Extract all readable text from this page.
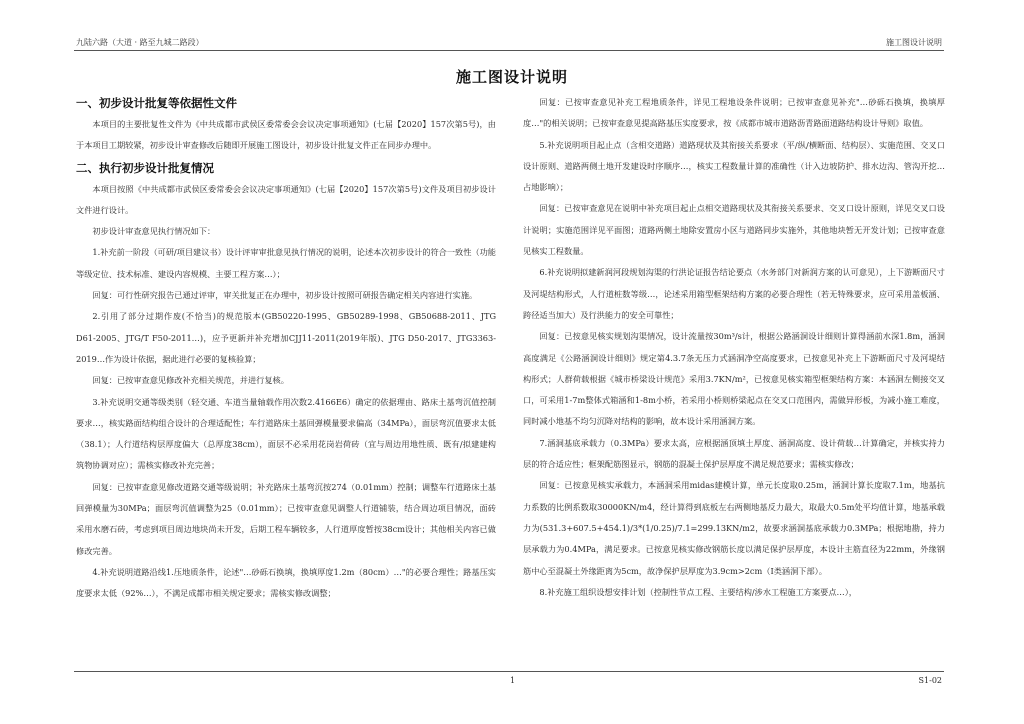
九陆六路（大道 · 路至九城二路段）	施工图设计说明
施工图设计说明
一、初步设计批复等依据性文件

本项目的主要批复性文件为《中共成都市武侯区委常委会会议决定事项通知》(七届【2020】157次第5号)，由于本项目工期较紧，初步设计审查修改后随即开展施工图设计，初步设计批复文件正在同步办理中。

二、执行初步设计批复情况

本项目按照《中共成都市武侯区委常委会会议决定事项通知》(七届【2020】157次第5号)文件及项目初步设计文件进行设计。

初步设计审查意见执行情况如下：

1.补充前一阶段（可研/项目建议书）设计评审审批意见执行情况的说明，论述本次初步设计的符合一致性（功能等级定位、技术标准、建设内容规模、主要工程方案…）；

回复：可行性研究报告已通过评审，审关批复正在办理中，初步设计按照可研报告确定相关内容进行实施。

2.引用了部分过期作废(不恰当)的规范版本(GB50220-1995、GB50289-1998、GB50688-2011、JTG D61-2005、JTG/T F50-2011…)，应予更新并补充增加CJJ11-2011(2019年版)、JTG D50-2017、JTG3363-2019…作为设计依据，据此进行必要的复核验算；

回复：已按审查意见修改补充相关规范，并进行复核。

3.补充说明交通等级类别（轻交通、车道当量轴载作用次数2.4166E6）确定的依据理由、路床土基弯沉值控制要求…，核实路面结构组合设计的合理适配性；车行道路床土基回弹模量要求偏高（34MPa），面层弯沉值要求太低（38.1）；人行道结构层厚度偏大（总厚度38cm），面层不必采用花岗岩荷砖（宜与周边用地性质、既有/拟建建构筑物协调对应）；需核实修改补充完善；

回复：已按审查意见修改道路交通等级说明；补充路床土基弯沉按274（0.01mm）控制；调整车行道路床土基回弹模量为30MPa；面层弯沉值调整为25（0.01mm）；已按审查意见调整人行道铺装，结合周边项目情况，面砖采用水磨石砖，考虑到项目周边地块尚未开发，后期工程车辆较多，人行道厚度暂按38cm设计；其他相关内容已做修改完善。

4.补充说明道路沿线1.压地质条件，论述"…砂砾石换填，换填厚度1.2m（80cm）…"的必要合理性；路基压实度要求太低（92%…），不满足成都市相关规定要求；需核实修改调整；

回复：已按审查意见补充工程地质条件，详见工程地设条件说明；已按审查意见补充"…砂砾石换填，换填厚度…"的相关说明；已按审查意见提高路基压实度要求，按《成都市城市道路沥青路面道路结构设计导则》取值。

5.补充说明项目起止点（含相交道路）道路现状及其衔接关系要求（平/纵/横断面、结构层）、实施范围、交叉口设计原则、道路两侧土地开发建设时序顺序…，核实工程数量计算的准确性（计入边坡防护、排水边沟、管沟开挖…占地影响）；

回复：已按审查意见在说明中补充项目起止点相交道路现状及其衔接关系要求、交叉口设计原则，详见交叉口设计说明；实施范围详见平面图；道路两侧土地除安置房小区与道路同步实施外，其他地块暂无开发计划；已按审查意见核实工程数量。

6.补充说明拟建新润河段规划沟渠的行洪论证报告结论要点（水务部门对新润方案的认可意见），上下游断面尺寸及河堤结构形式，人行道桩数等级…，论述采用箱型框架结构方案的必要合理性（若无特殊要求，应可采用盖板涵、跨径适当加大）及行洪能力的安全可靠性；

回复：已按意见核实规划沟渠情况，设计流量按30m³/s计，根据公路涵洞设计细则计算得涵前水深1.8m，涵洞高度满足《公路涵洞设计细则》规定第4.3.7条无压力式涵洞净空高度要求，已按意见补充上下游断面尺寸及河堤结构形式；人群荷载根据《城市桥梁设计规范》采用3.7KN/m²，已按意见核实箱型框架结构方案：本涵洞左侧接交叉口，可采用1-7m整体式箱涵和1-8m小桥，若采用小桥则桥梁起点在交叉口范围内，需做异形板，为减小施工难度，同时减小地基不均匀沉降对结构的影响，故本设计采用涵洞方案。

7.涵洞基底承载力（0.3MPa）要求太高，应根据涵顶填土厚度、涵洞高度、设计荷载…计算确定，并核实持力层的符合适应性；框架配筋图显示，钢筋的混凝土保护层厚度不满足规范要求；需核实修改；

回复：已按意见核实承载力，本涵洞采用midas建模计算，单元长度取0.25m，涵洞计算长度取7.1m，地基抗力系数的比例系数取30000KN/m4，经计算得到底板左右两侧地基反力最大，取最大0.5m处平均值计算，地基承载力为(531.3+607.5+454.1)/3*(1/0.25)/7.1=299.13KN/m2，故要求涵洞基底承载力0.3MPa；根据地勘，持力层承载力为0.4MPa，满足要求。已按意见核实修改钢筋长度以满足保护层厚度，本设计主筋直径为22mm，外缘钢筋中心至混凝土外缘距离为5cm，故净保护层厚度为3.9cm>2cm（I类涵洞下部）。

8.补充施工组织设想安排计划（控制性节点工程、主要结构/涉水工程施工方案要点…），

1	S1-02
